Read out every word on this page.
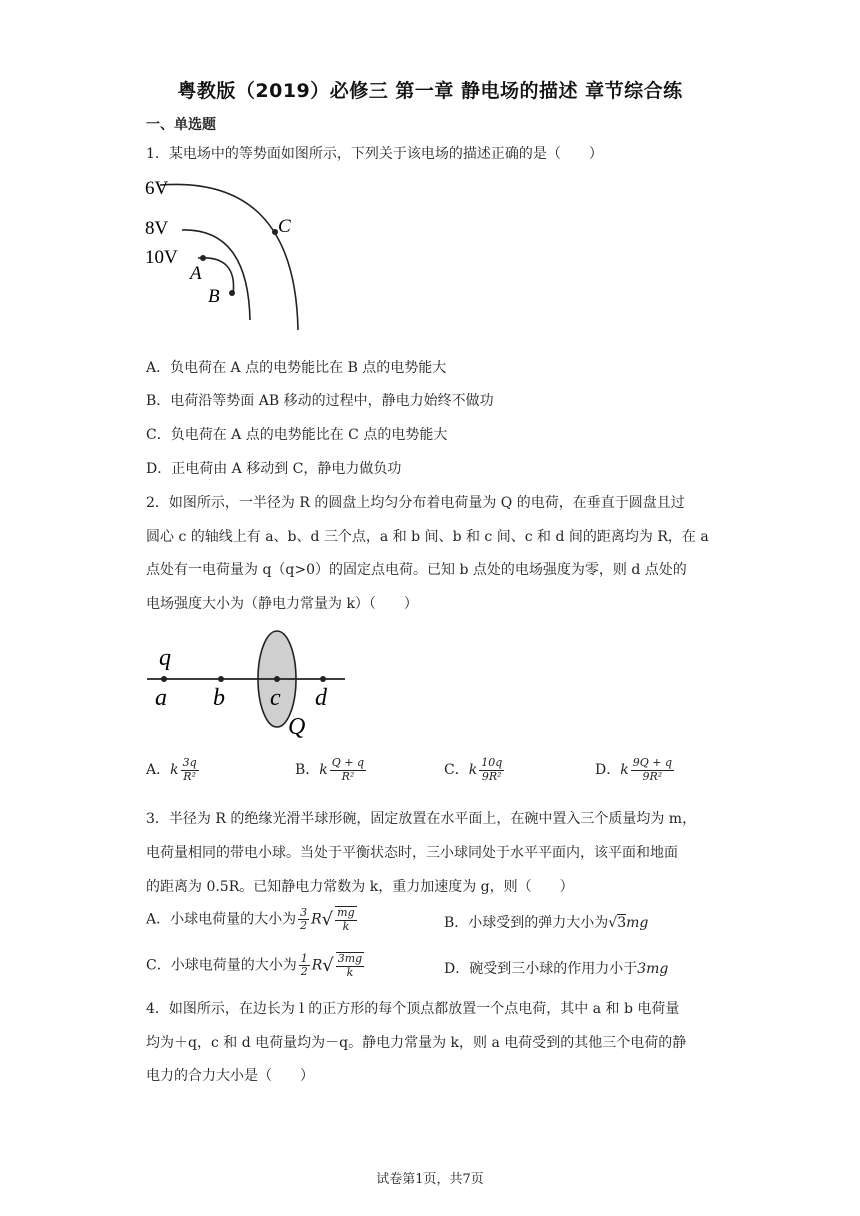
粤教版（2019）必修三 第一章 静电场的描述 章节综合练
一、单选题
1．某电场中的等势面如图所示，下列关于该电场的描述正确的是（　　）
6V
8V
10V
C
A
B
A．负电荷在 A 点的电势能比在 B 点的电势能大
B．电荷沿等势面 AB 移动的过程中，静电力始终不做功
C．负电荷在 A 点的电势能比在 C 点的电势能大
D．正电荷由 A 移动到 C，静电力做负功
2．如图所示，一半径为 R 的圆盘上均匀分布着电荷量为 Q 的电荷，在垂直于圆盘且过
圆心 c 的轴线上有 a、b、d 三个点，a 和 b 间、b 和 c 间、c 和 d 间的距离均为 R，在 a
点处有一电荷量为 q（q>0）的固定点电荷。已知 b 点处的电场强度为零，则 d 点处的
电场强度大小为（静电力常量为 k）（　　）
q
a b c d
Q
A．k $\frac{3q}{\text{R²}}$	B．k $\frac{Q + q}{\text{R²}}$	C．k $\frac{10q}{\text{9R²}}$	D．k $\frac{9Q + q}{\text{9R²}}$
3．半径为 R 的绝缘光滑半球形碗，固定放置在水平面上，在碗中置入三个质量均为 m，
电荷量相同的带电小球。当处于平衡状态时，三小球同处于水平平面内，该平面和地面
的距离为 0.5R。已知静电力常数为 k，重力加速度为 g，则（　　）
A．小球电荷量的大小为 $\frac{3}{2} R√ \frac{mg}{k}$	B．小球受到的弹力大小为√3mg
C．小球电荷量的大小为 $\frac{1}{2} R√ \frac{3mg}{k}$	D．碗受到三小球的作用力小于3mg
4．如图所示，在边长为 l 的正方形的每个顶点都放置一个点电荷，其中 a 和 b 电荷量
均为＋q，c 和 d 电荷量均为－q。静电力常量为 k，则 a 电荷受到的其他三个电荷的静
电力的合力大小是（　　）
试卷第1页，共7页
